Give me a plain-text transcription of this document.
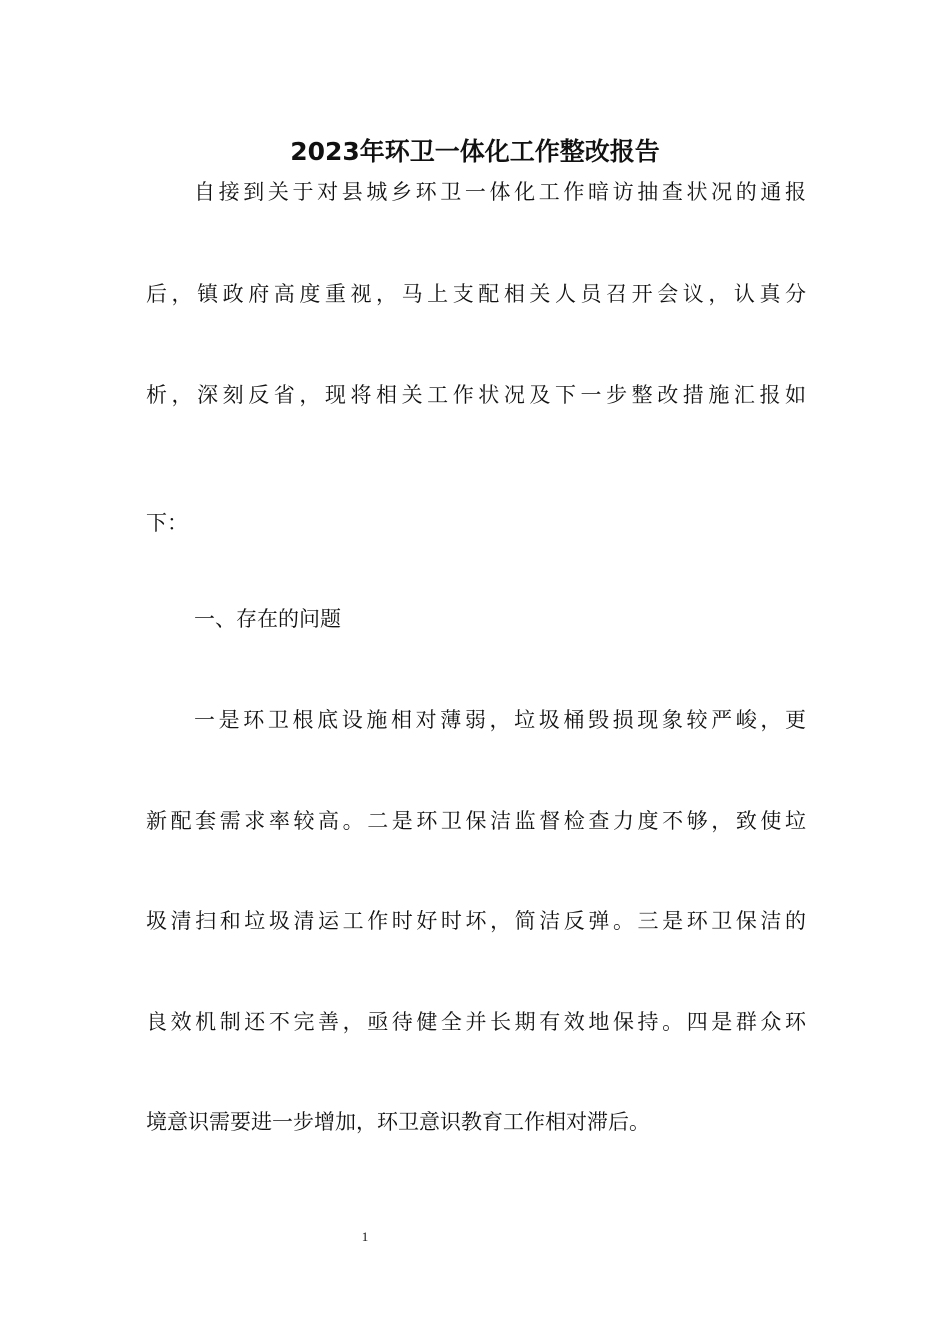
2023年环卫一体化工作整改报告

自接到关于对县城乡环卫一体化工作暗访抽查状况的通报

后，镇政府高度重视，马上支配相关人员召开会议，认真分

析，深刻反省，现将相关工作状况及下一步整改措施汇报如

下：

一、存在的问题

一是环卫根底设施相对薄弱，垃圾桶毁损现象较严峻，更

新配套需求率较高。二是环卫保洁监督检查力度不够，致使垃

圾清扫和垃圾清运工作时好时坏，简洁反弹。三是环卫保洁的

良效机制还不完善，亟待健全并长期有效地保持。四是群众环

境意识需要进一步增加，环卫意识教育工作相对滞后。

1
